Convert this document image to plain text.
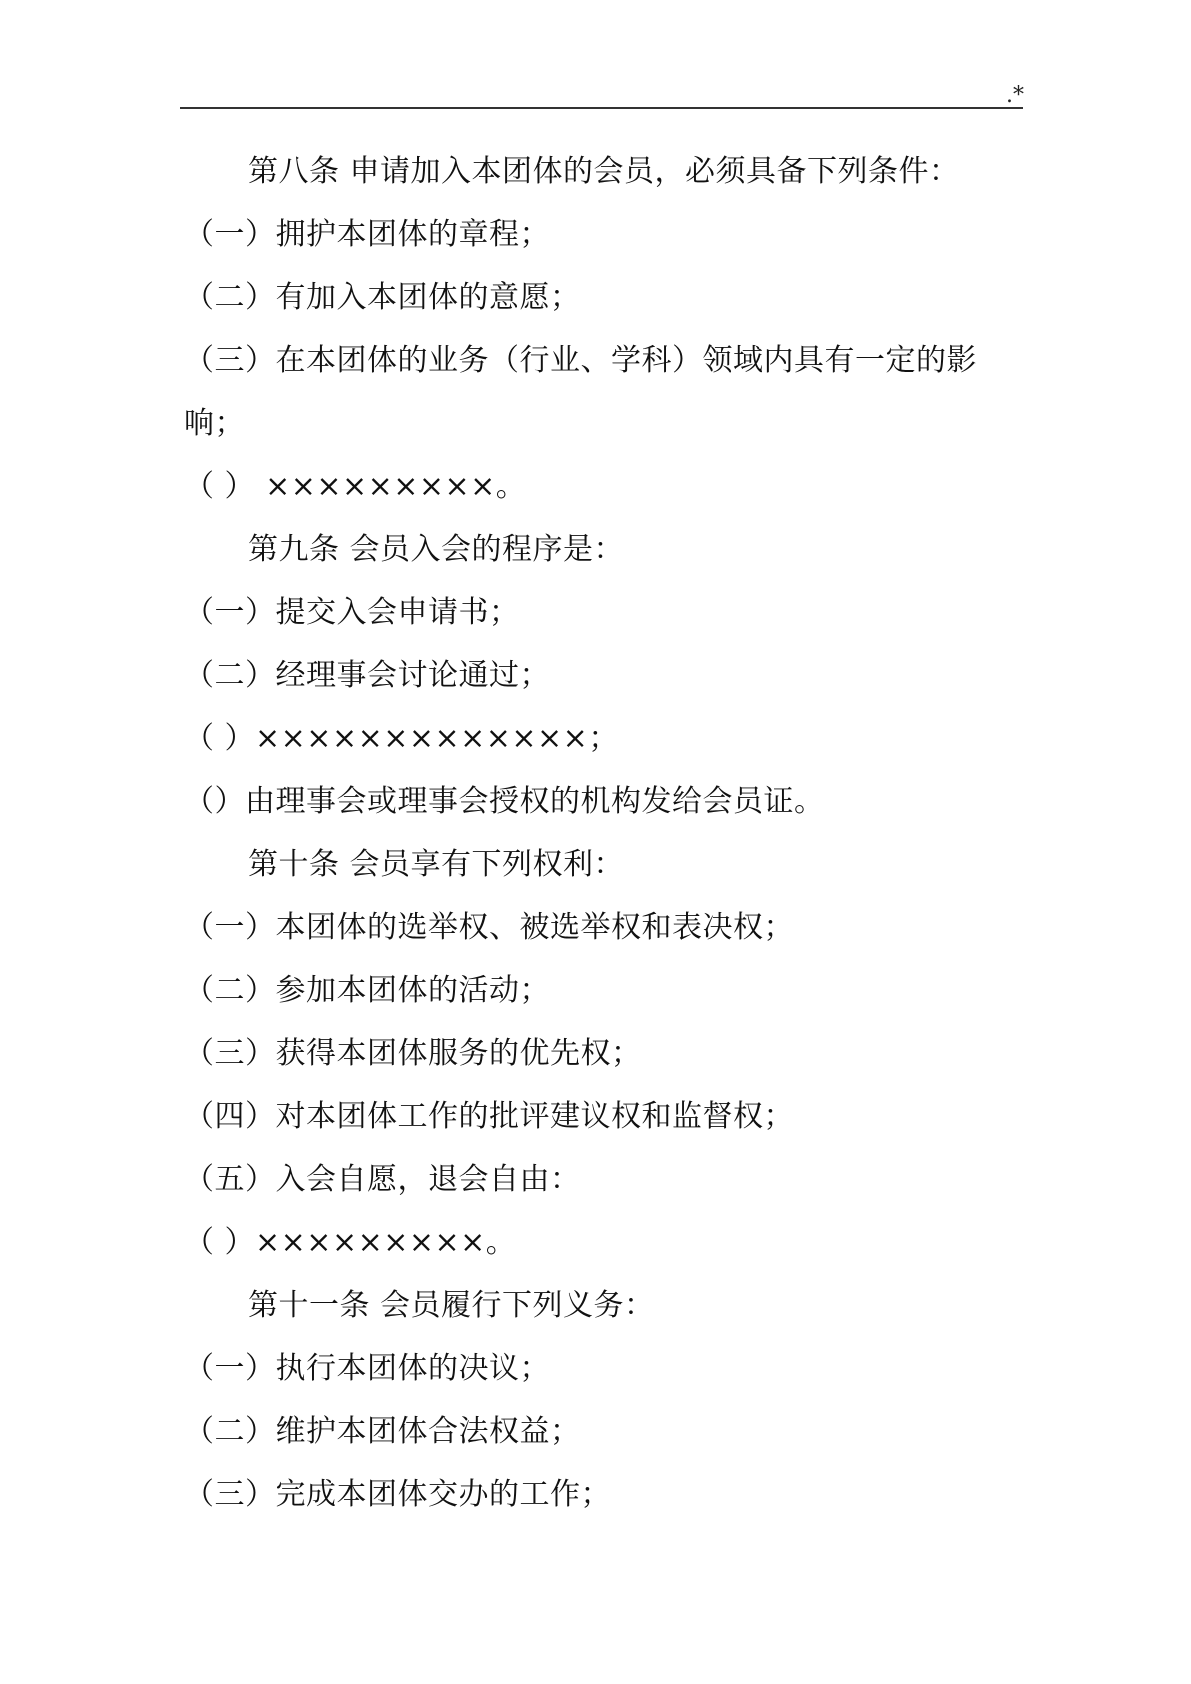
.*
第八条 申请加入本团体的会员，必须具备下列条件：
（一）拥护本团体的章程；
（二）有加入本团体的意愿；
（三）在本团体的业务（行业、学科）领域内具有一定的影
响；
（ ） ×××××××××。
第九条 会员入会的程序是：
（一）提交入会申请书；
（二）经理事会讨论通过；
（ ）×××××××××××××；
（）由理事会或理事会授权的机构发给会员证。
第十条 会员享有下列权利：
（一）本团体的选举权、被选举权和表决权；
（二）参加本团体的活动；
（三）获得本团体服务的优先权；
（四）对本团体工作的批评建议权和监督权；
（五）入会自愿，退会自由：
（ ）×××××××××。
第十一条 会员履行下列义务：
（一）执行本团体的决议；
（二）维护本团体合法权益；
（三）完成本团体交办的工作；
